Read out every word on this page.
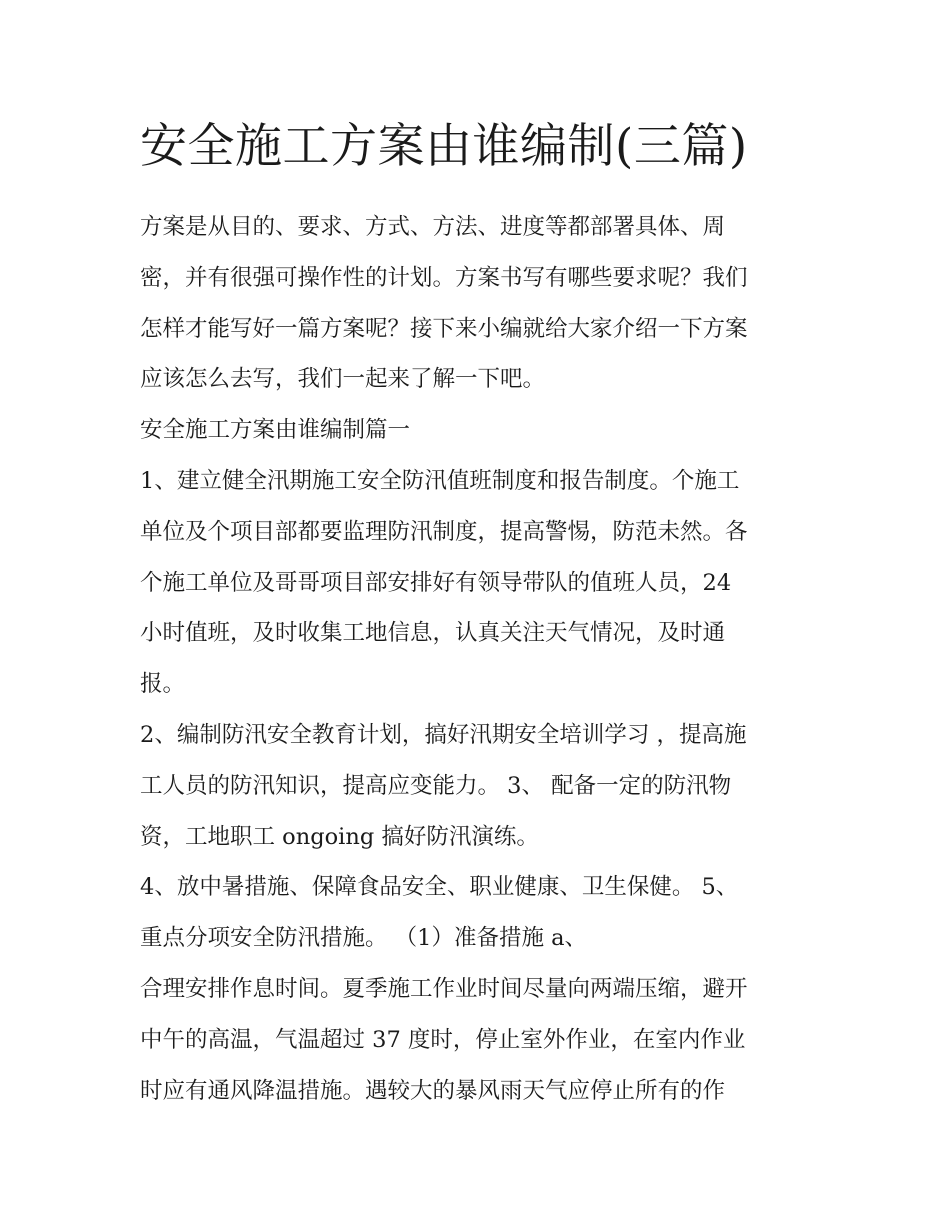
安全施工方案由谁编制(三篇)

方案是从目的、要求、方式、方法、进度等都部署具体、周
密，并有很强可操作性的计划。方案书写有哪些要求呢？我们
怎样才能写好一篇方案呢？接下来小编就给大家介绍一下方案
应该怎么去写，我们一起来了解一下吧。

安全施工方案由谁编制篇一

1、建立健全汛期施工安全防汛值班制度和报告制度。个施工
单位及个项目部都要监理防汛制度，提高警惕，防范未然。各
个施工单位及哥哥项目部安排好有领导带队的值班人员，24
小时值班，及时收集工地信息，认真关注天气情况，及时通
报。

2、编制防汛安全教育计划，搞好汛期安全培训学习 ，提高施
工人员的防汛知识，提高应变能力。 3、 配备一定的防汛物
资，工地职工 ongoing 搞好防汛演练。

4、放中暑措施、保障食品安全、职业健康、卫生保健。 5、
重点分项安全防汛措施。 （1）准备措施 a、

合理安排作息时间。夏季施工作业时间尽量向两端压缩，避开
中午的高温，气温超过 37 度时，停止室外作业，在室内作业
时应有通风降温措施。遇较大的暴风雨天气应停止所有的作
